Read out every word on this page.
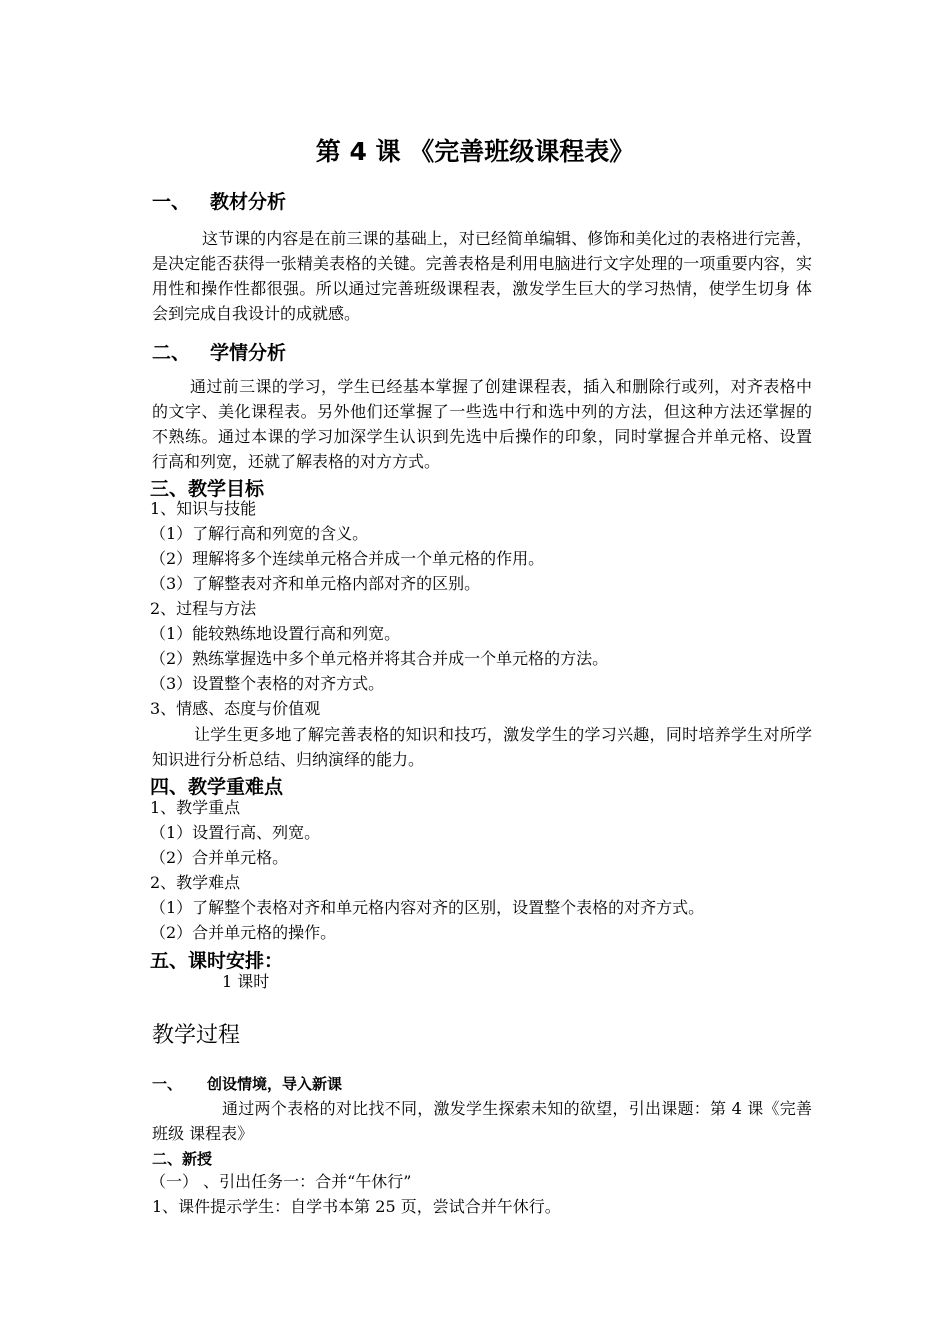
第 4 课 《完善班级课程表》
一、 教材分析
这节课的内容是在前三课的基础上，对已经简单编辑、修饰和美化过的表格进行完善， 是决定能否获得一张精美表格的关键。完善表格是利用电脑进行文字处理的一项重要内容，实用性和操作性都很强。所以通过完善班级课程表，激发学生巨大的学习热情，使学生切身 体会到完成自我设计的成就感。
二、 学情分析
通过前三课的学习，学生已经基本掌握了创建课程表，插入和删除行或列，对齐表格中 的文字、美化课程表。另外他们还掌握了一些选中行和选中列的方法，但这种方法还掌握的 不熟练。通过本课的学习加深学生认识到先选中后操作的印象，同时掌握合并单元格、设置 行高和列宽，还就了解表格的对方方式。
三、教学目标
1、知识与技能
（1）了解行高和列宽的含义。
（2）理解将多个连续单元格合并成一个单元格的作用。
（3）了解整表对齐和单元格内部对齐的区别。
2、过程与方法
（1）能较熟练地设置行高和列宽。
（2）熟练掌握选中多个单元格并将其合并成一个单元格的方法。
（3）设置整个表格的对齐方式。
3、情感、态度与价值观
让学生更多地了解完善表格的知识和技巧，激发学生的学习兴趣，同时培养学生对所学 知识进行分析总结、归纳演绎的能力。
四、教学重难点
1、教学重点
（1）设置行高、列宽。
（2）合并单元格。
2、教学难点
（1）了解整个表格对齐和单元格内容对齐的区别，设置整个表格的对齐方式。
（2）合并单元格的操作。
五、课时安排：
1 课时
教学过程
一、 创设情境，导入新课
通过两个表格的对比找不同，激发学生探索未知的欲望，引出课题：第 4 课《完善班级 课程表》
二、新授
（一） 、引出任务一：合并“午休行”
1、课件提示学生：自学书本第 25 页，尝试合并午休行。
